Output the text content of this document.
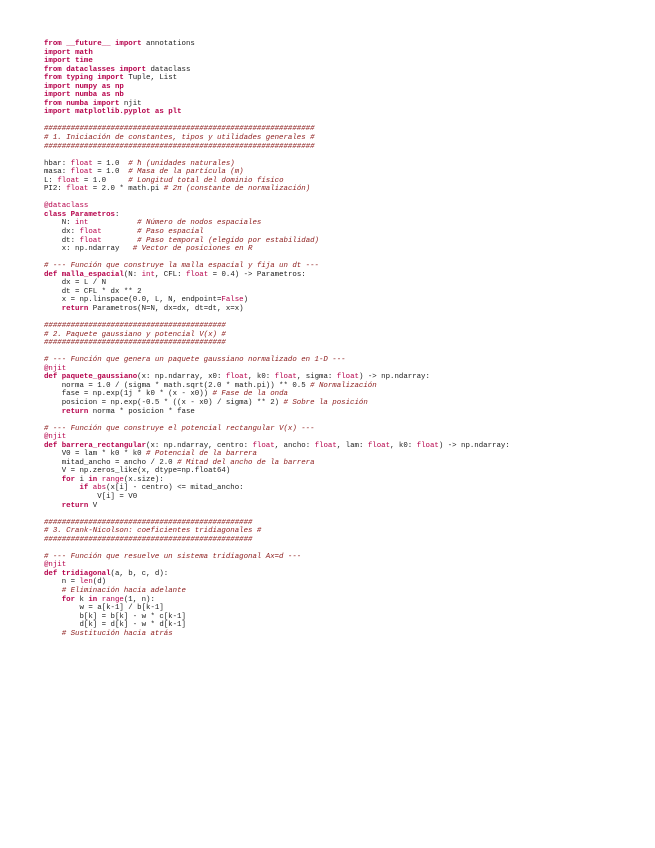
from __future__ import annotations
import math
import time
from dataclasses import dataclass
from typing import Tuple, List
import numpy as np
import numba as nb
from numba import njit
import matplotlib.pyplot as plt

#############################################################
# 1. Iniciación de constantes, tipos y utilidades generales #
#############################################################

hbar: float = 1.0  # ħ (unidades naturales)
masa: float = 1.0  # Masa de la partícula (m)
L: float = 1.0     # Longitud total del dominio físico
PI2: float = 2.0 * math.pi # 2π (constante de normalización)

@dataclass
class Parametros:
N: int	# Número de nodos espaciales
dx: float	# Paso espacial
dt: float	# Paso temporal (elegido por estabilidad)
x: np.ndarray   # Vector de posiciones en R

# --- Función que construye la malla espacial y fija un dt ---
def malla_espacial(N: int, CFL: float = 0.4) -> Parametros:
dx = L / N
dt = CFL * dx ** 2
x = np.linspace(0.0, L, N, endpoint=False)
return Parametros(N=N, dx=dx, dt=dt, x=x)

#########################################
# 2. Paquete gaussiano y potencial V(x) #
#########################################

# --- Función que genera un paquete gaussiano normalizado en 1-D ---
@njit
def paquete_gaussiano(x: np.ndarray, x0: float, k0: float, sigma: float) -> np.ndarray:
norma = 1.0 / (sigma * math.sqrt(2.0 * math.pi)) ** 0.5 # Normalización
fase = np.exp(1j * k0 * (x - x0)) # Fase de la onda
posicion = np.exp(-0.5 * ((x - x0) / sigma) ** 2) # Sobre la posición
return norma * posicion * fase

# --- Función que construye el potencial rectangular V(x) ---
@njit
def barrera_rectangular(x: np.ndarray, centro: float, ancho: float, lam: float, k0: float) -> np.ndarray:
V0 = lam * k0 * k0 # Potencial de la barrera
mitad_ancho = ancho / 2.0 # Mitad del ancho de la barrera
V = np.zeros_like(x, dtype=np.float64)
for i in range(x.size):
if abs(x[i] - centro) <= mitad_ancho:
V[i] = V0
return V

###############################################
# 3. Crank-Nicolson: coeficientes tridiagonales #
###############################################

# --- Función que resuelve un sistema tridiagonal Ax=d ---
@njit
def tridiagonal(a, b, c, d):
n = len(d)
# Eliminación hacia adelante
for k in range(1, n):
w = a[k-1] / b[k-1]
b[k] = b[k] - w * c[k-1]
d[k] = d[k] - w * d[k-1]
# Sustitución hacia atrás
